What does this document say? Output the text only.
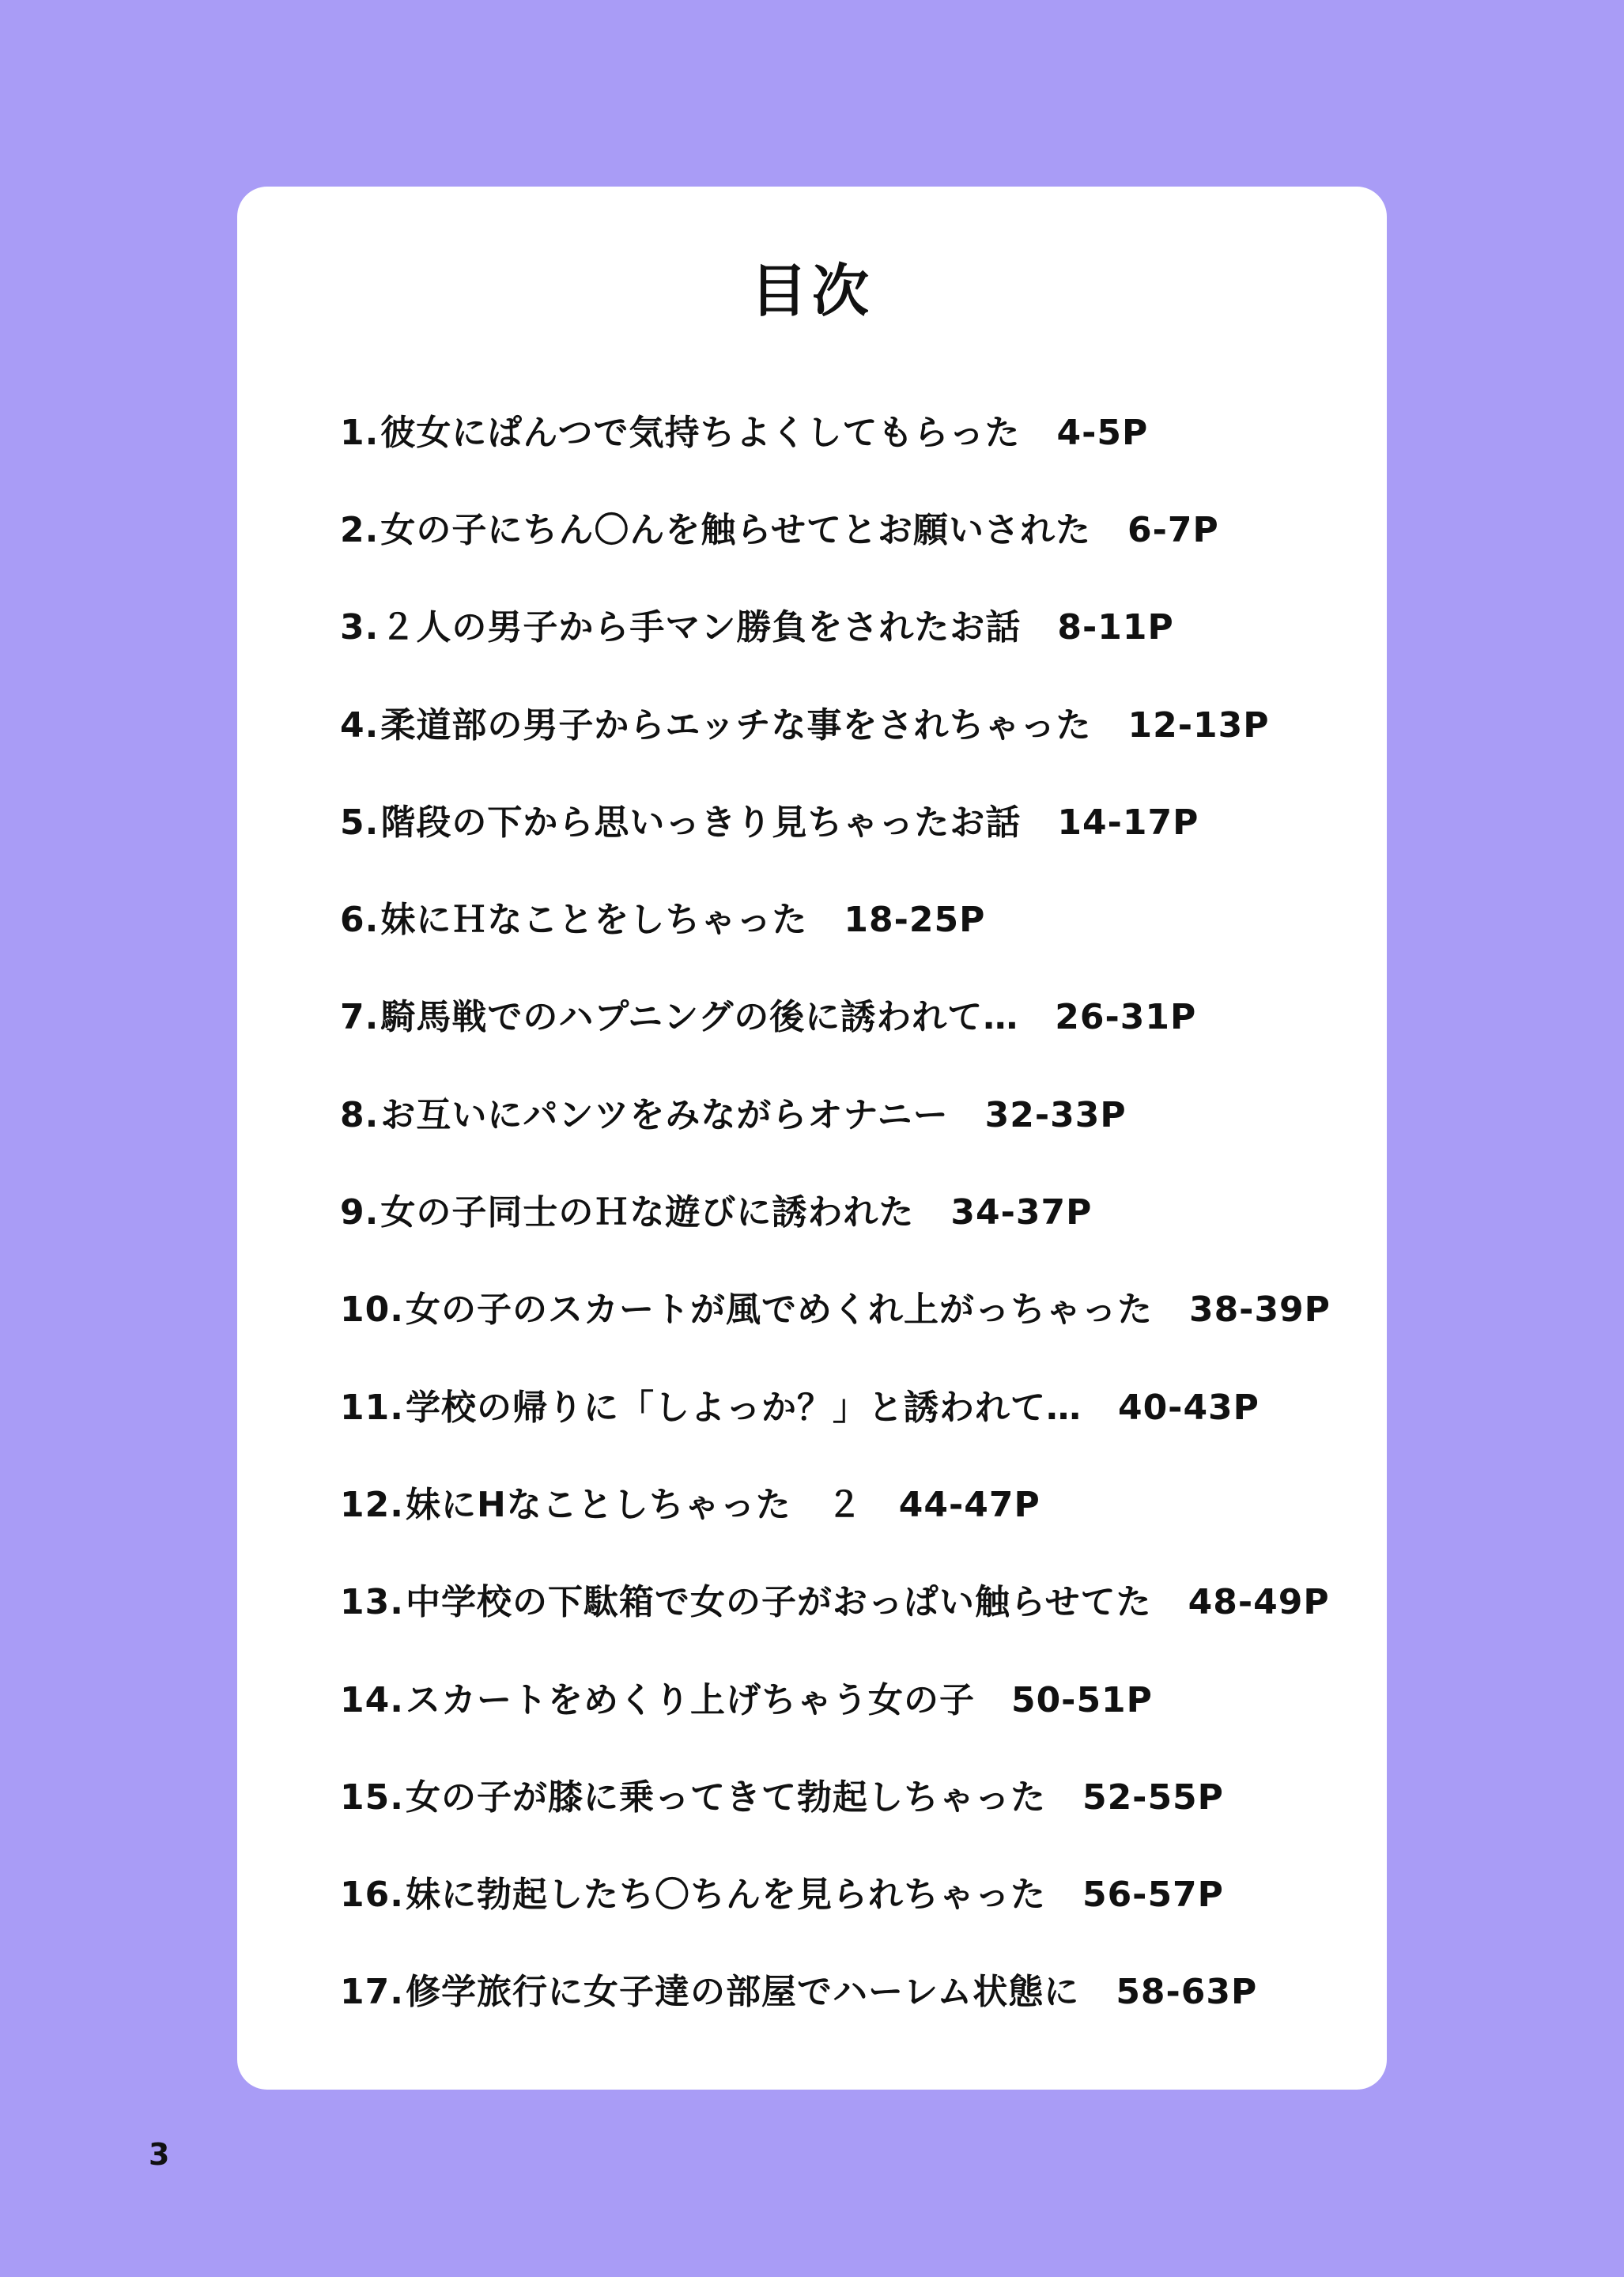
目次
1. 彼女にぱんつで気持ちよくしてもらった 4-5P
2. 女の子にちん〇んを触らせてとお願いされた 6-7P
3. ２人の男子から手マン勝負をされたお話 8-11P
4. 柔道部の男子からエッチな事をされちゃった 12-13P
5. 階段の下から思いっきり見ちゃったお話 14-17P
6. 妹にＨなことをしちゃった 18-25P
7. 騎馬戦でのハプニングの後に誘われて… 26-31P
8. お互いにパンツをみながらオナニー 32-33P
9. 女の子同士のＨな遊びに誘われた 34-37P
10. 女の子のスカートが風でめくれ上がっちゃった 38-39P
11. 学校の帰りに「しよっか？」と誘われて… 40-43P
12. 妹にHなことしちゃった　２ 44-47P
13. 中学校の下駄箱で女の子がおっぱい触らせてた 48-49P
14. スカートをめくり上げちゃう女の子 50-51P
15. 女の子が膝に乗ってきて勃起しちゃった 52-55P
16. 妹に勃起したち〇ちんを見られちゃった 56-57P
17. 修学旅行に女子達の部屋でハーレム状態に 58-63P
3
